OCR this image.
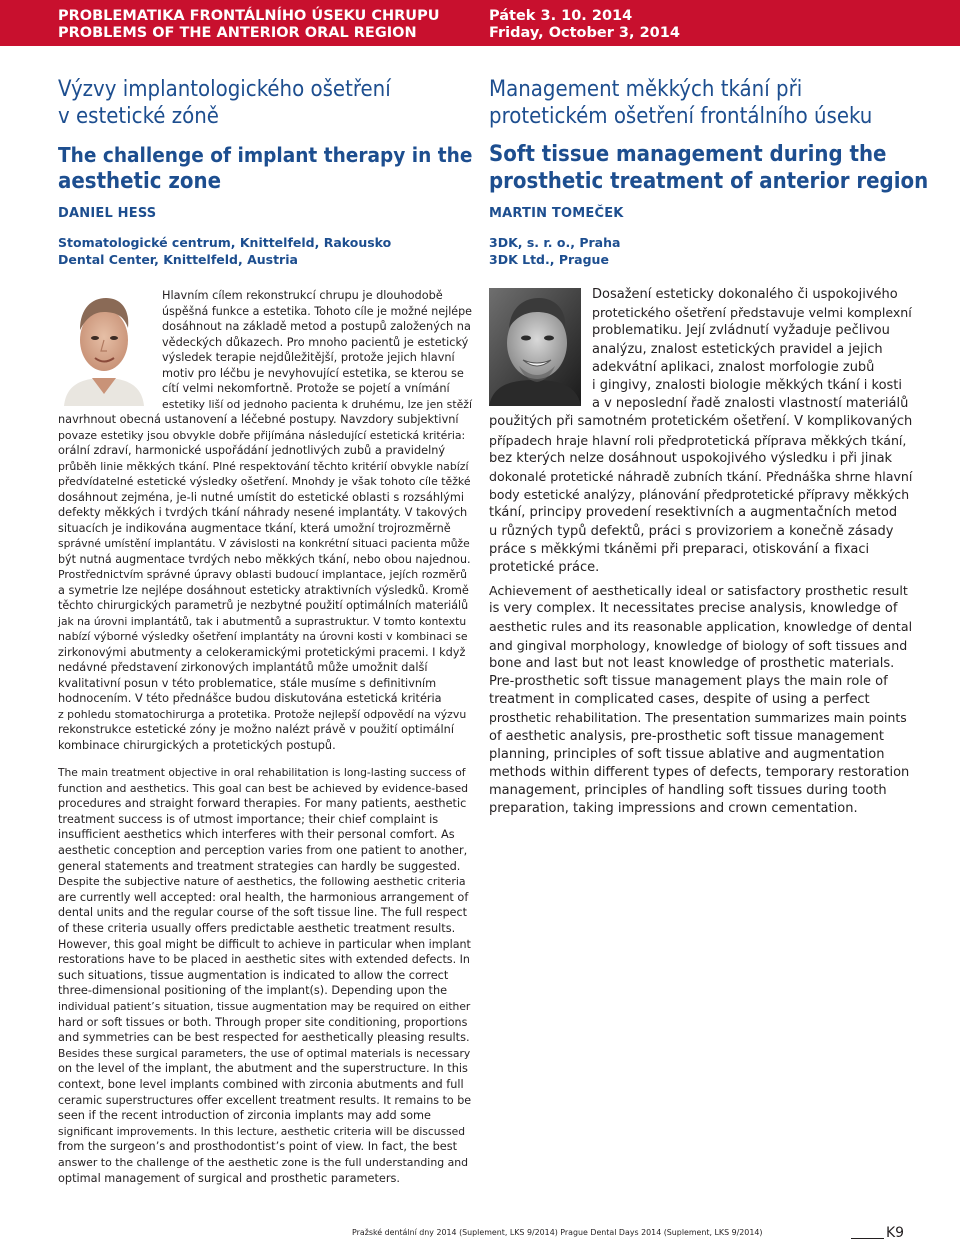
PROBLEMATIKA FRONTÁLNÍHO ÚSEKU CHRUPU
PROBLEMS OF THE ANTERIOR ORAL REGION
Pátek 3. 10. 2014
Friday, October 3, 2014
Výzvy implantologického ošetření
v estetické zóně
The challenge of implant therapy in the
aesthetic zone
DANIEL HESS
Stomatologické centrum, Knittelfeld, Rakousko
Dental Center, Knittelfeld, Austria
Management měkkých tkání při
protetickém ošetření frontálního úseku
Soft tissue management during the
prosthetic treatment of anterior region
MARTIN TOMEČEK
3DK, s. r. o., Praha
3DK Ltd., Prague
Hlavním cílem rekonstrukcí chrupu je dlouhodobě
úspěšná funkce a estetika. Tohoto cíle je možné nejlépe
dosáhnout na základě metod a postupů založených na
vědeckých důkazech. Pro mnoho pacientů je estetický
výsledek terapie nejdůležitější, protože jejich hlavní
motiv pro léčbu je nevyhovující estetika, se kterou se
cítí velmi nekomfortně. Protože se pojetí a vnímání
estetiky liší od jednoho pacienta k druhému, lze jen stěží
navrhnout obecná ustanovení a léčebné postupy. Navzdory subjektivní
povaze estetiky jsou obvykle dobře přijímána následující estetická kritéria:
orální zdraví, harmonické uspořádání jednotlivých zubů a pravidelný
průběh linie měkkých tkání. Plné respektování těchto kritérií obvykle nabízí
předvídatelné estetické výsledky ošetření. Mnohdy je však tohoto cíle těžké
dosáhnout zejména, je-li nutné umístit do estetické oblasti s rozsáhlými
defekty měkkých i tvrdých tkání náhrady nesené implantáty. V takových
situacích je indikována augmentace tkání, která umožní trojrozměrně
správné umístění implantátu. V závislosti na konkrétní situaci pacienta může
být nutná augmentace tvrdých nebo měkkých tkání, nebo obou najednou.
Prostřednictvím správné úpravy oblasti budoucí implantace, jejích rozměrů
a symetrie lze nejlépe dosáhnout esteticky atraktivních výsledků. Kromě
těchto chirurgických parametrů je nezbytné použití optimálních materiálů
jak na úrovni implantátů, tak i abutmentů a suprastruktur. V tomto kontextu
nabízí výborné výsledky ošetření implantáty na úrovni kosti v kombinaci se
zirkonovými abutmenty a celokeramickými protetickými pracemi. I když
nedávné představení zirkonových implantátů může umožnit další
kvalitativní posun v této problematice, stále musíme s definitivním
hodnocením. V této přednášce budou diskutována estetická kritéria
z pohledu stomatochirurga a protetika. Protože nejlepší odpovědí na výzvu
rekonstrukce estetické zóny je možno nalézt právě v použití optimální
kombinace chirurgických a protetických postupů.
The main treatment objective in oral rehabilitation is long-lasting success of
function and aesthetics. This goal can best be achieved by evidence-based
procedures and straight forward therapies. For many patients, aesthetic
treatment success is of utmost importance; their chief complaint is
insufficient aesthetics which interferes with their personal comfort. As
aesthetic conception and perception varies from one patient to another,
general statements and treatment strategies can hardly be suggested.
Despite the subjective nature of aesthetics, the following aesthetic criteria
are currently well accepted: oral health, the harmonious arrangement of
dental units and the regular course of the soft tissue line. The full respect
of these criteria usually offers predictable aesthetic treatment results.
However, this goal might be difficult to achieve in particular when implant
restorations have to be placed in aesthetic sites with extended defects. In
such situations, tissue augmentation is indicated to allow the correct
three-dimensional positioning of the implant(s). Depending upon the
individual patient’s situation, tissue augmentation may be required on either
hard or soft tissues or both. Through proper site conditioning, proportions
and symmetries can be best respected for aesthetically pleasing results.
Besides these surgical parameters, the use of optimal materials is necessary
on the level of the implant, the abutment and the superstructure. In this
context, bone level implants combined with zirconia abutments and full
ceramic superstructures offer excellent treatment results. It remains to be
seen if the recent introduction of zirconia implants may add some
significant improvements. In this lecture, aesthetic criteria will be discussed
from the surgeon’s and prosthodontist’s point of view. In fact, the best
answer to the challenge of the aesthetic zone is the full understanding and
optimal management of surgical and prosthetic parameters.
Dosažení esteticky dokonalého či uspokojivého
protetického ošetření představuje velmi komplexní
problematiku. Její zvládnutí vyžaduje pečlivou
analýzu, znalost estetických pravidel a jejich
adekvátní aplikaci, znalost morfologie zubů
i gingivy, znalosti biologie měkkých tkání i kosti
a v neposlední řadě znalosti vlastností materiálů
použitých při samotném protetickém ošetření. V komplikovaných
případech hraje hlavní roli předprotetická příprava měkkých tkání,
bez kterých nelze dosáhnout uspokojivého výsledku i při jinak
dokonalé protetické náhradě zubních tkání. Přednáška shrne hlavní
body estetické analýzy, plánování předprotetické přípravy měkkých
tkání, principy provedení resektivních a augmentačních metod
u různých typů defektů, práci s provizoriem a konečně zásady
práce s měkkými tkáněmi při preparaci, otiskování a fixaci
protetické práce.
Achievement of aesthetically ideal or satisfactory prosthetic result
is very complex. It necessitates precise analysis, knowledge of
aesthetic rules and its reasonable application, knowledge of dental
and gingival morphology, knowledge of biology of soft tissues and
bone and last but not least knowledge of prosthetic materials.
Pre-prosthetic soft tissue management plays the main role of
treatment in complicated cases, despite of using a perfect
prosthetic rehabilitation. The presentation summarizes main points
of aesthetic analysis, pre-prosthetic soft tissue management
planning, principles of soft tissue ablative and augmentation
methods within different types of defects, temporary restoration
management, principles of handling soft tissues during tooth
preparation, taking impressions and crown cementation.
Pražské dentální dny 2014 (Suplement, LKS 9/2014) Prague Dental Days 2014 (Suplement, LKS 9/2014)	K9
